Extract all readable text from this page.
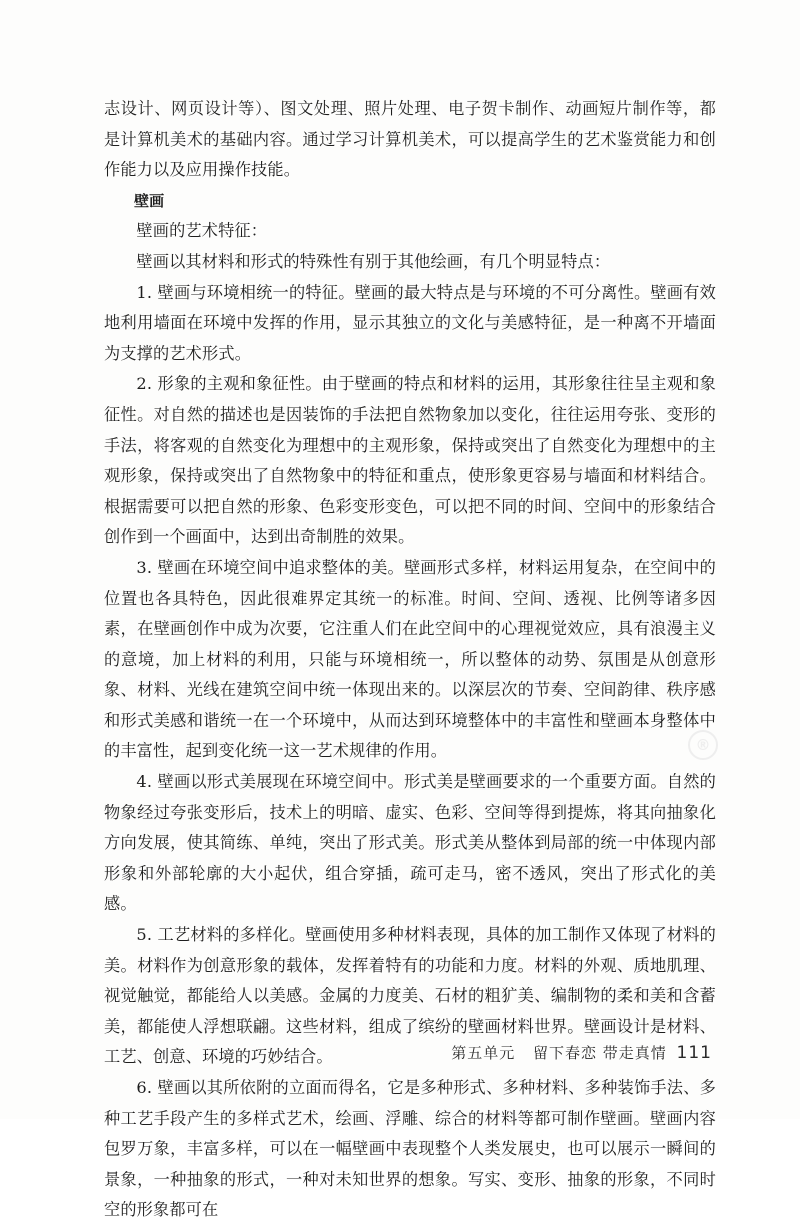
志设计、网页设计等）、图文处理、照片处理、电子贺卡制作、动画短片制作等，都是计算机美术的基础内容。通过学习计算机美术，可以提高学生的艺术鉴赏能力和创作能力以及应用操作技能。

壁画

壁画的艺术特征：

壁画以其材料和形式的特殊性有别于其他绘画，有几个明显特点：

1. 壁画与环境相统一的特征。壁画的最大特点是与环境的不可分离性。壁画有效地利用墙面在环境中发挥的作用，显示其独立的文化与美感特征，是一种离不开墙面为支撑的艺术形式。

2. 形象的主观和象征性。由于壁画的特点和材料的运用，其形象往往呈主观和象征性。对自然的描述也是因装饰的手法把自然物象加以变化，往往运用夸张、变形的手法，将客观的自然变化为理想中的主观形象，保持或突出了自然变化为理想中的主观形象，保持或突出了自然物象中的特征和重点，使形象更容易与墙面和材料结合。根据需要可以把自然的形象、色彩变形变色，可以把不同的时间、空间中的形象结合创作到一个画面中，达到出奇制胜的效果。

3. 壁画在环境空间中追求整体的美。壁画形式多样，材料运用复杂，在空间中的位置也各具特色，因此很难界定其统一的标准。时间、空间、透视、比例等诸多因素，在壁画创作中成为次要，它注重人们在此空间中的心理视觉效应，具有浪漫主义的意境，加上材料的利用，只能与环境相统一，所以整体的动势、氛围是从创意形象、材料、光线在建筑空间中统一体现出来的。以深层次的节奏、空间韵律、秩序感和形式美感和谐统一在一个环境中，从而达到环境整体中的丰富性和壁画本身整体中的丰富性，起到变化统一这一艺术规律的作用。

4. 壁画以形式美展现在环境空间中。形式美是壁画要求的一个重要方面。自然的物象经过夸张变形后，技术上的明暗、虚实、色彩、空间等得到提炼，将其向抽象化方向发展，使其简练、单纯，突出了形式美。形式美从整体到局部的统一中体现内部形象和外部轮廓的大小起伏，组合穿插，疏可走马，密不透风，突出了形式化的美感。

5. 工艺材料的多样化。壁画使用多种材料表现，具体的加工制作又体现了材料的美。材料作为创意形象的载体，发挥着特有的功能和力度。材料的外观、质地肌理、视觉触觉，都能给人以美感。金属的力度美、石材的粗犷美、编制物的柔和美和含蓄美，都能使人浮想联翩。这些材料，组成了缤纷的壁画材料世界。壁画设计是材料、工艺、创意、环境的巧妙结合。

6. 壁画以其所依附的立面而得名，它是多种形式、多种材料、多种装饰手法、多种工艺手段产生的多样式艺术，绘画、浮雕、综合的材料等都可制作壁画。壁画内容包罗万象，丰富多样，可以在一幅壁画中表现整个人类发展史，也可以展示一瞬间的景象，一种抽象的形式，一种对未知世界的想象。写实、变形、抽象的形象，不同时空的形象都可在

®
第五单元 留下春恋 带走真情 111
